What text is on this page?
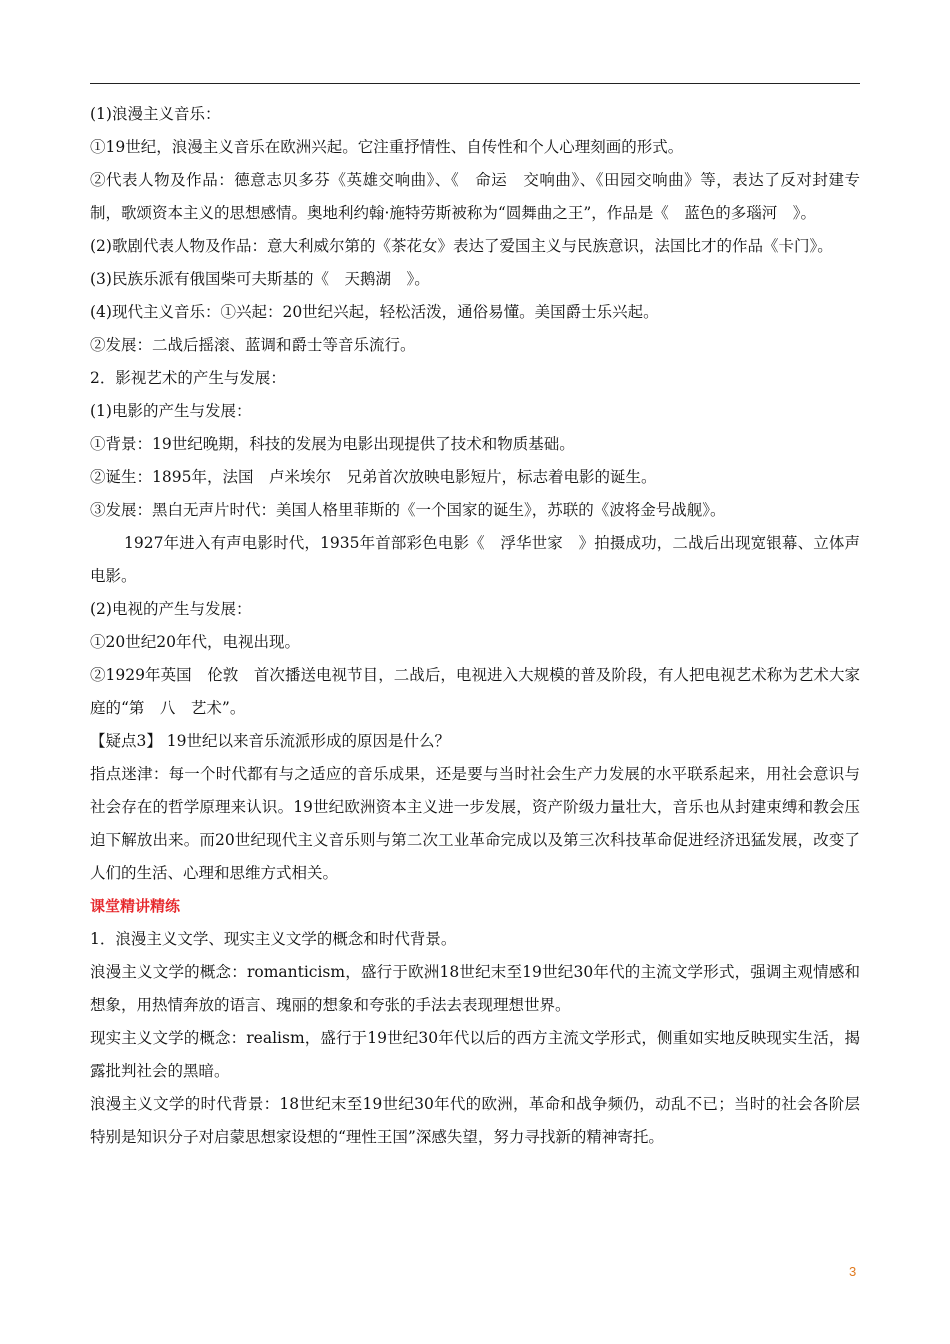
(1)浪漫主义音乐：
①19世纪，浪漫主义音乐在欧洲兴起。它注重抒情性、自传性和个人心理刻画的形式。
②代表人物及作品：德意志贝多芬《英雄交响曲》、《　命运　交响曲》、《田园交响曲》等，表达了反对封建专制，歌颂资本主义的思想感情。奥地利约翰·施特劳斯被称为“圆舞曲之王”，作品是《　蓝色的多瑙河　》。
(2)歌剧代表人物及作品：意大利威尔第的《茶花女》表达了爱国主义与民族意识，法国比才的作品《卡门》。
(3)民族乐派有俄国柴可夫斯基的《　天鹅湖　》。
(4)现代主义音乐：①兴起：20世纪兴起，轻松活泼，通俗易懂。美国爵士乐兴起。
②发展：二战后摇滚、蓝调和爵士等音乐流行。
2．影视艺术的产生与发展：
(1)电影的产生与发展：
①背景：19世纪晚期，科技的发展为电影出现提供了技术和物质基础。
②诞生：1895年，法国　卢米埃尔　兄弟首次放映电影短片，标志着电影的诞生。
③发展：黑白无声片时代：美国人格里菲斯的《一个国家的诞生》，苏联的《波将金号战舰》。
1927年进入有声电影时代，1935年首部彩色电影《　浮华世家　》拍摄成功，二战后出现宽银幕、立体声电影。
(2)电视的产生与发展：
①20世纪20年代，电视出现。
②1929年英国　伦敦　首次播送电视节目，二战后，电视进入大规模的普及阶段，有人把电视艺术称为艺术大家庭的“第　八　艺术”。
【疑点3】 19世纪以来音乐流派形成的原因是什么？
指点迷津：每一个时代都有与之适应的音乐成果，还是要与当时社会生产力发展的水平联系起来，用社会意识与社会存在的哲学原理来认识。19世纪欧洲资本主义进一步发展，资产阶级力量壮大，音乐也从封建束缚和教会压迫下解放出来。而20世纪现代主义音乐则与第二次工业革命完成以及第三次科技革命促进经济迅猛发展，改变了人们的生活、心理和思维方式相关。
课堂精讲精练
1．浪漫主义文学、现实主义文学的概念和时代背景。
浪漫主义文学的概念：romanticism，盛行于欧洲18世纪末至19世纪30年代的主流文学形式，强调主观情感和想象，用热情奔放的语言、瑰丽的想象和夸张的手法去表现理想世界。
现实主义文学的概念：realism，盛行于19世纪30年代以后的西方主流文学形式，侧重如实地反映现实生活，揭露批判社会的黑暗。
浪漫主义文学的时代背景：18世纪末至19世纪30年代的欧洲，革命和战争频仍，动乱不已；当时的社会各阶层特别是知识分子对启蒙思想家设想的“理性王国”深感失望，努力寻找新的精神寄托。
3
